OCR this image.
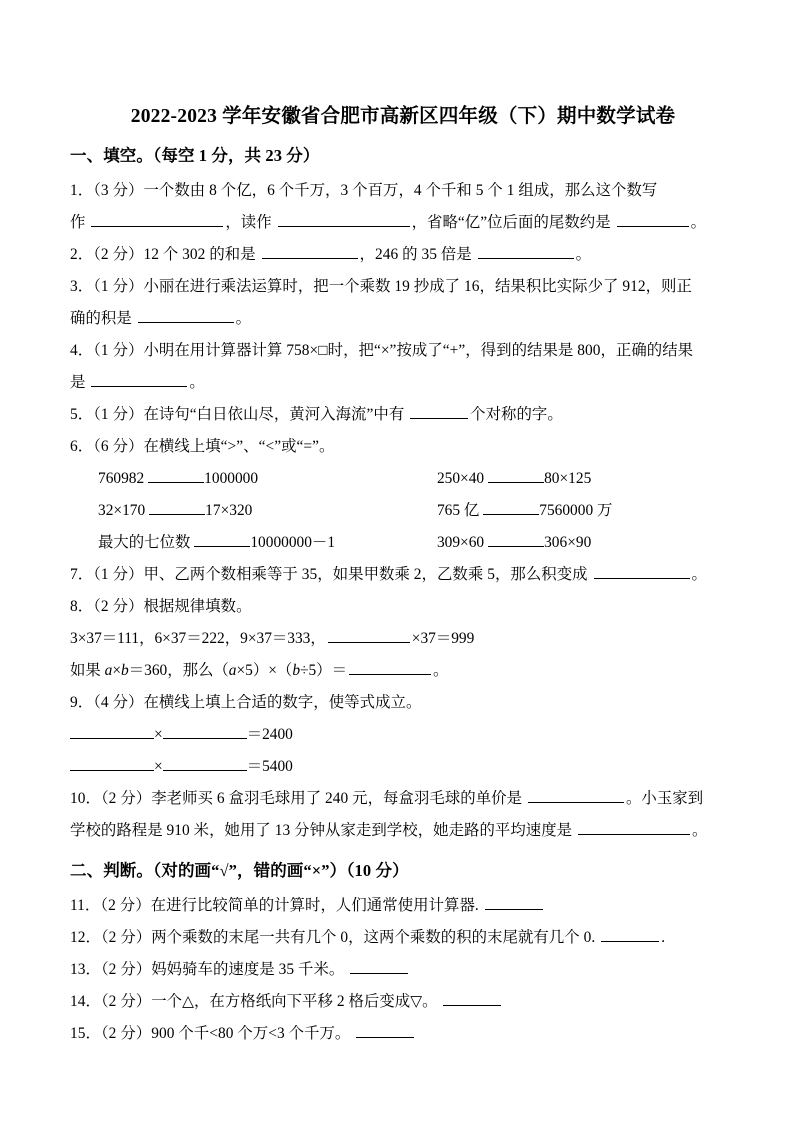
2022-2023 学年安徽省合肥市高新区四年级（下）期中数学试卷
一、填空。（每空 1 分，共 23 分）
1．（3 分）一个数由 8 个亿，6 个千万，3 个百万，4 个千和 5 个 1 组成，那么这个数写
作	，读作	，省略“亿”位后面的尾数约是	。
2．（2 分）12 个 302 的和是	，246 的 35 倍是	。
3．（1 分）小丽在进行乘法运算时，把一个乘数 19 抄成了 16，结果积比实际少了 912，则正
确的积是	。
4．（1 分）小明在用计算器计算 758×□时，把“×”按成了“+”，得到的结果是 800，正确的结果
是	。
5．（1 分）在诗句“白日依山尽，黄河入海流”中有	个对称的字。
6．（6 分）在横线上填“>”、“<”或“=”。
760982	1000000	250×40	80×125
32×170	17×320	765 亿	7560000 万
最大的七位数	10000000－1	309×60	306×90
7．（1 分）甲、乙两个数相乘等于 35，如果甲数乘 2，乙数乘 5，那么积变成	。
8．（2 分）根据规律填数。
3×37＝111，6×37＝222，9×37＝333，	×37＝999
如果 a×b＝360，那么（a×5）×（b÷5）＝	。
9．（4 分）在横线上填上合适的数字，使等式成立。
×	＝2400
×	＝5400
10．（2 分）李老师买 6 盒羽毛球用了 240 元，每盒羽毛球的单价是	。小玉家到
学校的路程是 910 米，她用了 13 分钟从家走到学校，她走路的平均速度是	。
二、判断。（对的画“√”，错的画“×”）（10 分）
11．（2 分）在进行比较简单的计算时，人们通常使用计算器.
12．（2 分）两个乘数的末尾一共有几个 0，这两个乘数的积的末尾就有几个 0.	.
13．（2 分）妈妈骑车的速度是 35 千米。
14．（2 分）一个△，在方格纸向下平移 2 格后变成▽。
15．（2 分）900 个千<80 个万<3 个千万。
